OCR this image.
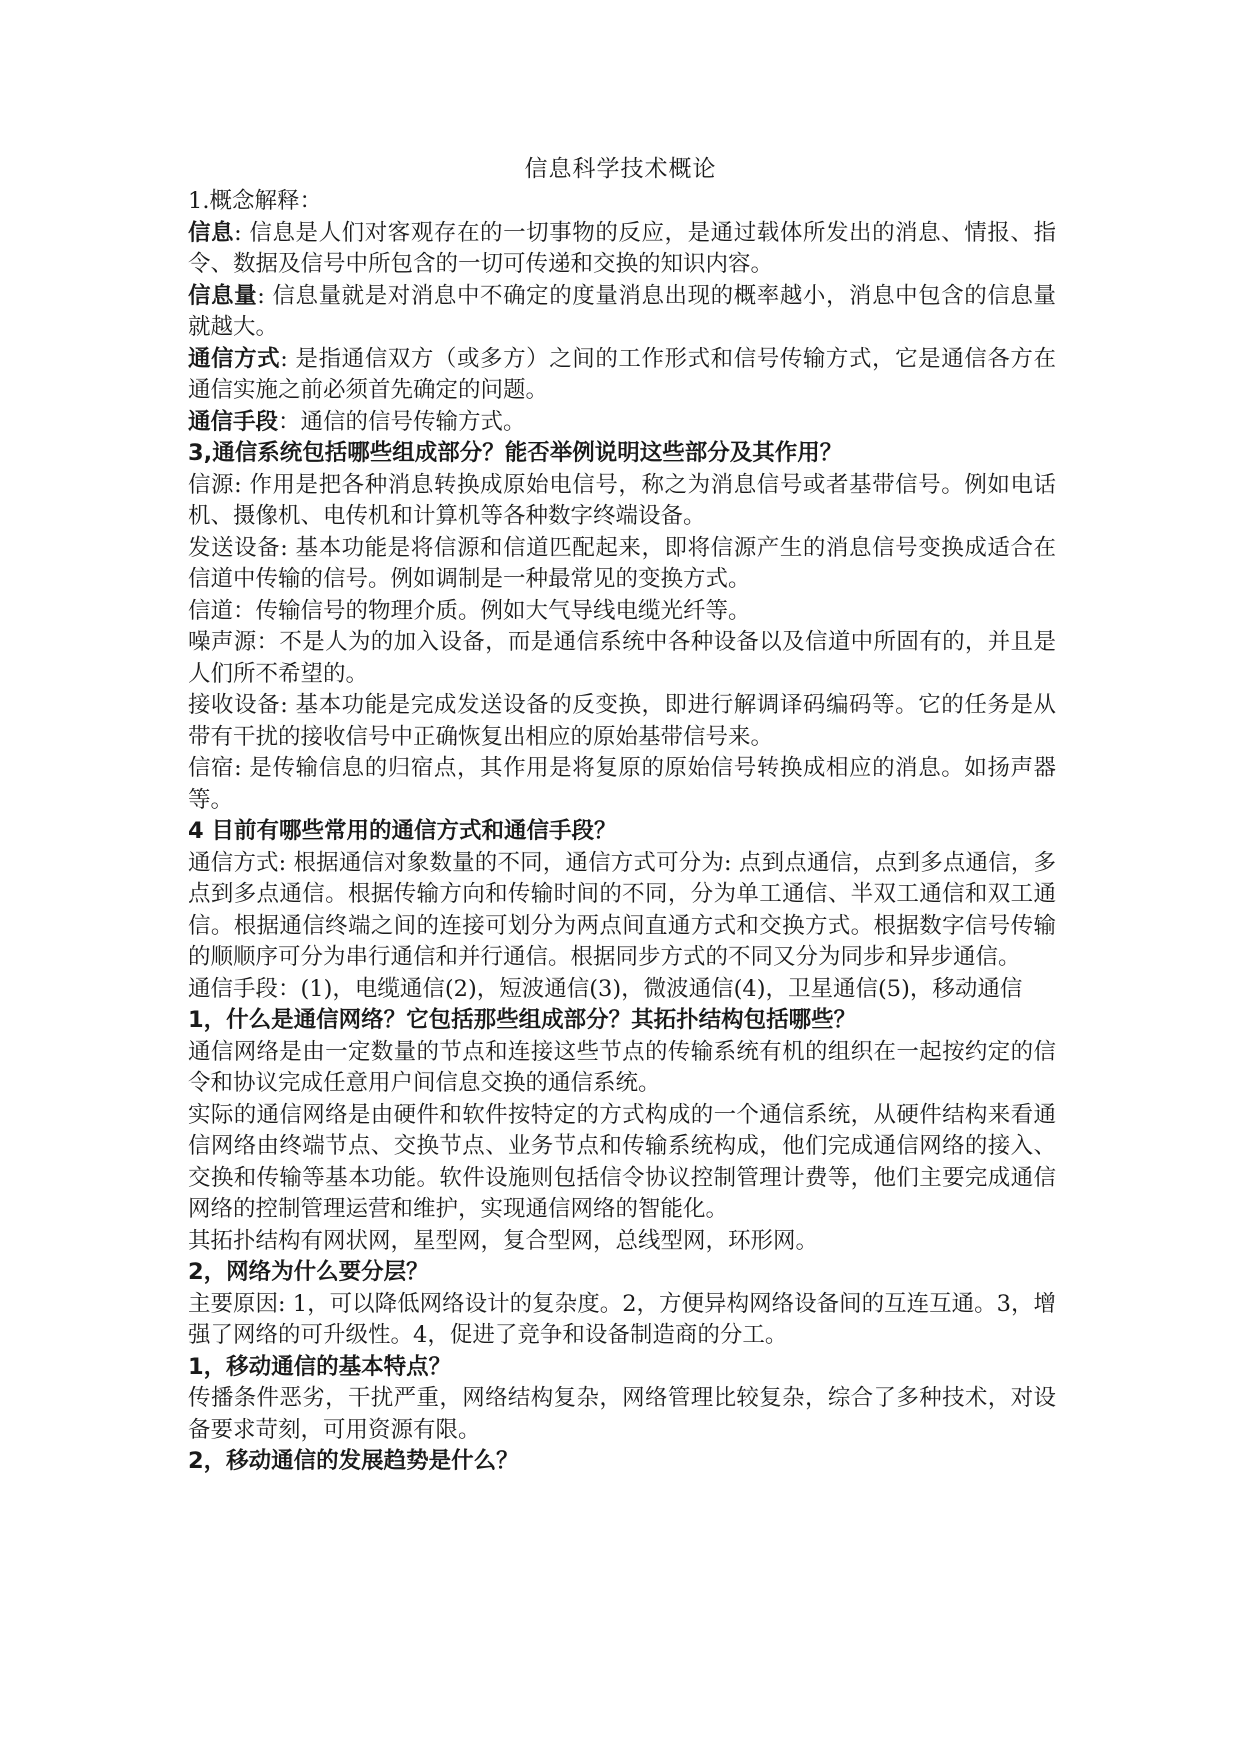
信息科学技术概论

1.概念解释：

信息: 信息是人们对客观存在的一切事物的反应，是通过载体所发出的消息、情报、指令、数据及信号中所包含的一切可传递和交换的知识内容。

信息量: 信息量就是对消息中不确定的度量消息出现的概率越小，消息中包含的信息量就越大。

通信方式: 是指通信双方（或多方）之间的工作形式和信号传输方式，它是通信各方在通信实施之前必须首先确定的问题。

通信手段：通信的信号传输方式。

3,通信系统包括哪些组成部分？能否举例说明这些部分及其作用？

信源: 作用是把各种消息转换成原始电信号，称之为消息信号或者基带信号。例如电话机、摄像机、电传机和计算机等各种数字终端设备。

发送设备: 基本功能是将信源和信道匹配起来，即将信源产生的消息信号变换成适合在信道中传输的信号。例如调制是一种最常见的变换方式。

信道：传输信号的物理介质。例如大气导线电缆光纤等。

噪声源：不是人为的加入设备，而是通信系统中各种设备以及信道中所固有的，并且是人们所不希望的。

接收设备: 基本功能是完成发送设备的反变换，即进行解调译码编码等。它的任务是从带有干扰的接收信号中正确恢复出相应的原始基带信号来。

信宿: 是传输信息的归宿点，其作用是将复原的原始信号转换成相应的消息。如扬声器等。

4 目前有哪些常用的通信方式和通信手段？

通信方式: 根据通信对象数量的不同，通信方式可分为: 点到点通信，点到多点通信，多点到多点通信。根据传输方向和传输时间的不同，分为单工通信、半双工通信和双工通信。根据通信终端之间的连接可划分为两点间直通方式和交换方式。根据数字信号传输的顺顺序可分为串行通信和并行通信。根据同步方式的不同又分为同步和异步通信。

通信手段：(1)，电缆通信(2)，短波通信(3)，微波通信(4)，卫星通信(5)，移动通信

1，什么是通信网络？它包括那些组成部分？其拓扑结构包括哪些？

通信网络是由一定数量的节点和连接这些节点的传输系统有机的组织在一起按约定的信令和协议完成任意用户间信息交换的通信系统。

实际的通信网络是由硬件和软件按特定的方式构成的一个通信系统，从硬件结构来看通信网络由终端节点、交换节点、业务节点和传输系统构成，他们完成通信网络的接入、交换和传输等基本功能。软件设施则包括信令协议控制管理计费等，他们主要完成通信网络的控制管理运营和维护，实现通信网络的智能化。

其拓扑结构有网状网，星型网，复合型网，总线型网，环形网。

2，网络为什么要分层？

主要原因: 1，可以降低网络设计的复杂度。2，方便异构网络设备间的互连互通。3，增强了网络的可升级性。4，促进了竞争和设备制造商的分工。

1，移动通信的基本特点？

传播条件恶劣，干扰严重，网络结构复杂，网络管理比较复杂，综合了多种技术，对设备要求苛刻，可用资源有限。

2，移动通信的发展趋势是什么？
